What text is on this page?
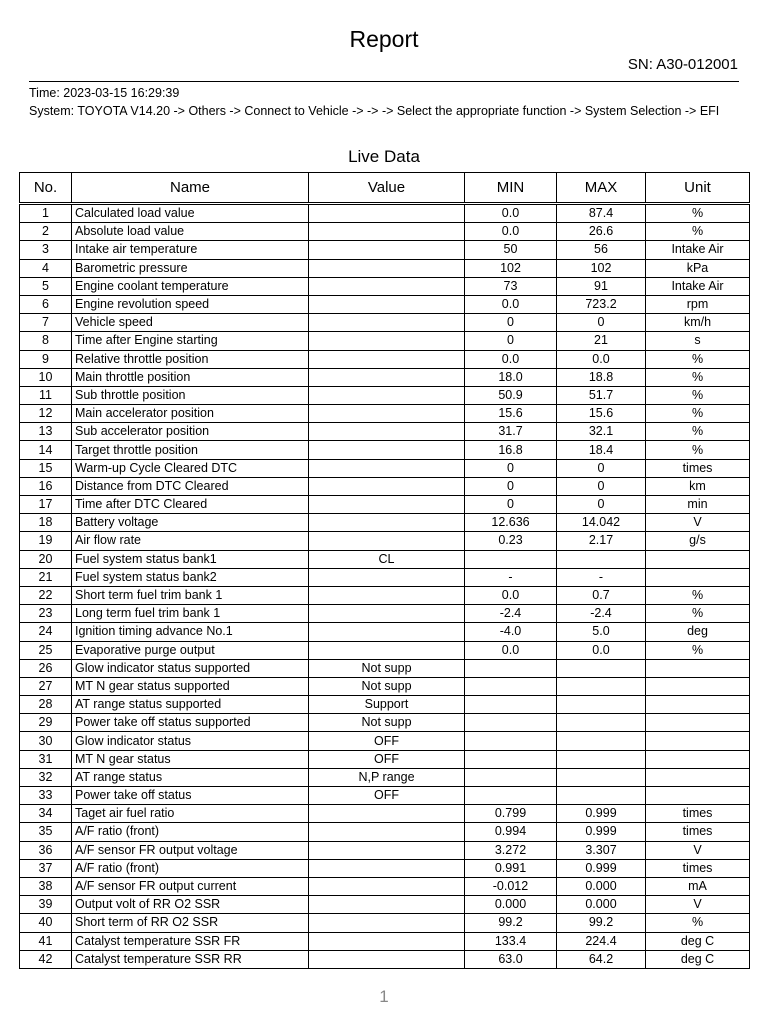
Report
SN: A30-012001
Time: 2023-03-15 16:29:39
System: TOYOTA V14.20 -> Others -> Connect to Vehicle -> -> -> Select the appropriate function -> System Selection -> EFI
Live Data
No.	Name	Value	MIN	MAX	Unit
1	Calculated load value		0.0	87.4	%
2	Absolute load value		0.0	26.6	%
3	Intake air temperature		50	56	Intake Air
4	Barometric pressure		102	102	kPa
5	Engine coolant temperature		73	91	Intake Air
6	Engine revolution speed		0.0	723.2	rpm
7	Vehicle speed		0	0	km/h
8	Time after Engine starting		0	21	s
9	Relative throttle position		0.0	0.0	%
10	Main throttle position		18.0	18.8	%
11	Sub throttle position		50.9	51.7	%
12	Main accelerator position		15.6	15.6	%
13	Sub accelerator position		31.7	32.1	%
14	Target throttle position		16.8	18.4	%
15	Warm-up Cycle Cleared DTC		0	0	times
16	Distance from DTC Cleared		0	0	km
17	Time after DTC Cleared		0	0	min
18	Battery voltage		12.636	14.042	V
19	Air flow rate		0.23	2.17	g/s
20	Fuel system status bank1	CL			
21	Fuel system status bank2		-	-	
22	Short term fuel trim bank 1		0.0	0.7	%
23	Long term fuel trim bank 1		-2.4	-2.4	%
24	Ignition timing advance No.1		-4.0	5.0	deg
25	Evaporative purge output		0.0	0.0	%
26	Glow indicator status supported	Not supp			
27	MT N gear status supported	Not supp			
28	AT range status supported	Support			
29	Power take off status supported	Not supp			
30	Glow indicator status	OFF			
31	MT N gear status	OFF			
32	AT range status	N,P range			
33	Power take off status	OFF			
34	Taget air fuel ratio		0.799	0.999	times
35	A/F ratio (front)		0.994	0.999	times
36	A/F sensor FR output voltage		3.272	3.307	V
37	A/F ratio (front)		0.991	0.999	times
38	A/F sensor FR output current		-0.012	0.000	mA
39	Output volt of RR O2 SSR		0.000	0.000	V
40	Short term of RR O2 SSR		99.2	99.2	%
41	Catalyst temperature SSR FR		133.4	224.4	deg C
42	Catalyst temperature SSR RR		63.0	64.2	deg C
1
